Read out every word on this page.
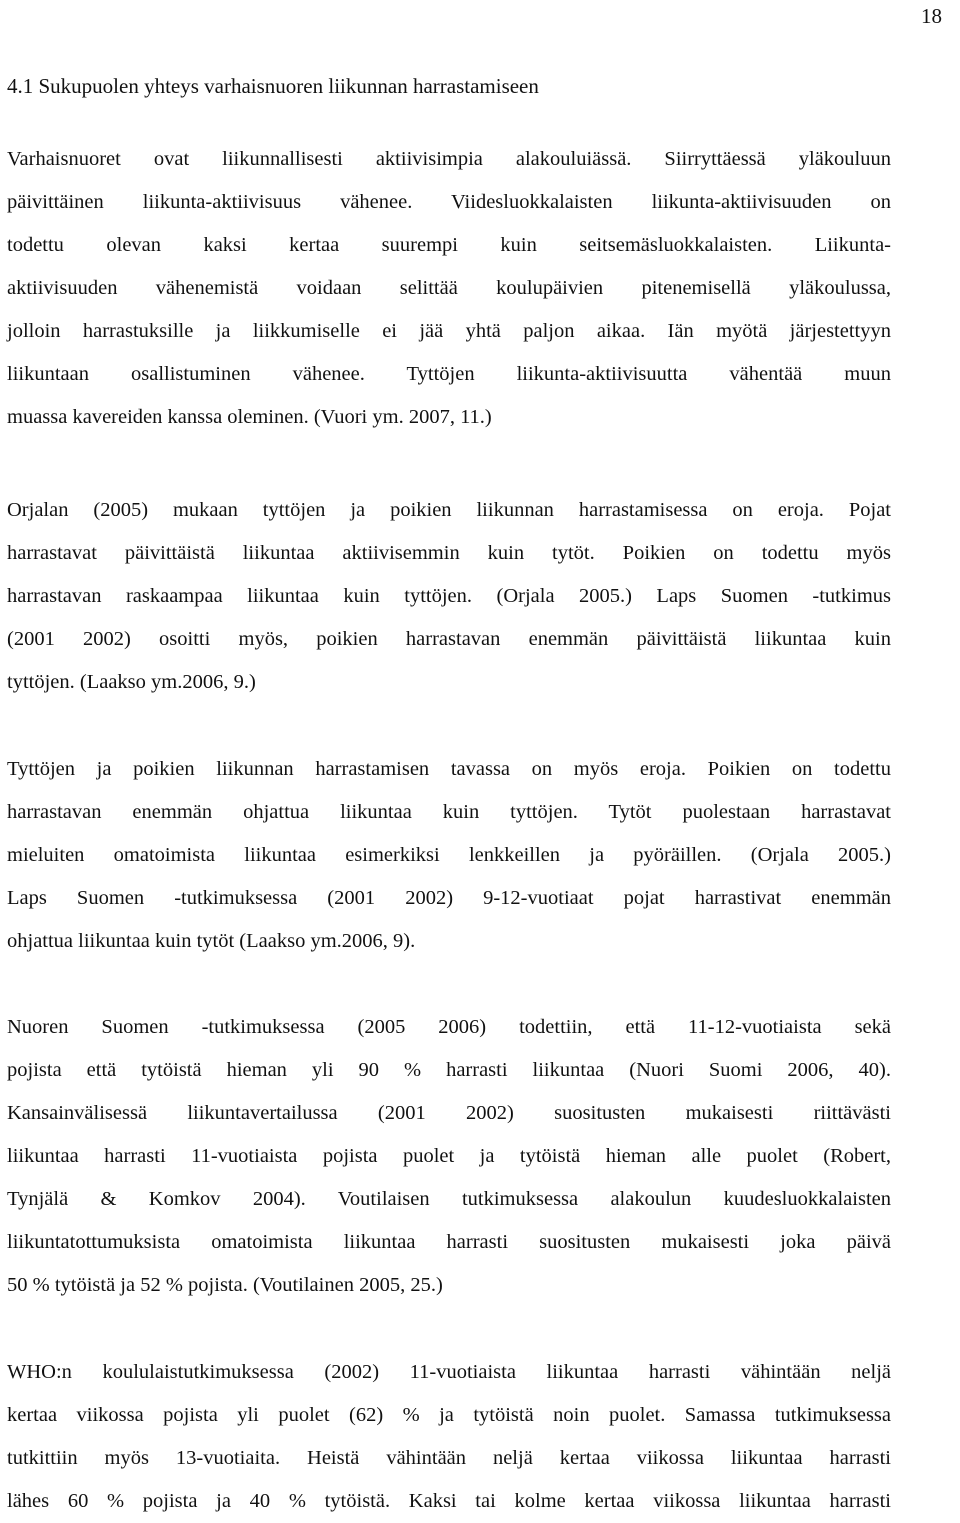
18
4.1 Sukupuolen yhteys varhaisnuoren liikunnan harrastamiseen

Varhaisnuoret ovat liikunnallisesti aktiivisimpia alakouluiässä. Siirryttäessä yläkouluun
päivittäinen liikunta-aktiivisuus vähenee. Viidesluokkalaisten liikunta-aktiivisuuden on
todettu olevan kaksi kertaa suurempi kuin seitsemäsluokkalaisten. Liikunta-
aktiivisuuden vähenemistä voidaan selittää koulupäivien pitenemisellä yläkoulussa,
jolloin harrastuksille ja liikkumiselle ei jää yhtä paljon aikaa. Iän myötä järjestettyyn
liikuntaan osallistuminen vähenee. Tyttöjen liikunta-aktiivisuutta vähentää muun
muassa kavereiden kanssa oleminen. (Vuori ym. 2007, 11.)

Orjalan (2005) mukaan tyttöjen ja poikien liikunnan harrastamisessa on eroja. Pojat
harrastavat päivittäistä liikuntaa aktiivisemmin kuin tytöt. Poikien on todettu myös
harrastavan raskaampaa liikuntaa kuin tyttöjen. (Orjala 2005.) Laps Suomen -tutkimus
(2001 2002) osoitti myös, poikien harrastavan enemmän päivittäistä liikuntaa kuin
tyttöjen. (Laakso ym.2006, 9.)

Tyttöjen ja poikien liikunnan harrastamisen tavassa on myös eroja. Poikien on todettu
harrastavan enemmän ohjattua liikuntaa kuin tyttöjen. Tytöt puolestaan harrastavat
mieluiten omatoimista liikuntaa esimerkiksi lenkkeillen ja pyöräillen. (Orjala 2005.)
Laps Suomen -tutkimuksessa (2001 2002) 9-12-vuotiaat pojat harrastivat enemmän
ohjattua liikuntaa kuin tytöt (Laakso ym.2006, 9).

Nuoren Suomen -tutkimuksessa (2005 2006) todettiin, että 11-12-vuotiaista sekä
pojista että tytöistä hieman yli 90 % harrasti liikuntaa (Nuori Suomi 2006, 40).
Kansainvälisessä liikuntavertailussa (2001 2002) suositusten mukaisesti riittävästi
liikuntaa harrasti 11-vuotiaista pojista puolet ja tytöistä hieman alle puolet (Robert,
Tynjälä & Komkov 2004). Voutilaisen tutkimuksessa alakoulun kuudesluokkalaisten
liikuntatottumuksista omatoimista liikuntaa harrasti suositusten mukaisesti joka päivä
50 % tytöistä ja 52 % pojista. (Voutilainen 2005, 25.)

WHO:n koululaistutkimuksessa (2002) 11-vuotiaista liikuntaa harrasti vähintään neljä
kertaa viikossa pojista yli puolet (62) % ja tytöistä noin puolet. Samassa tutkimuksessa
tutkittiin myös 13-vuotiaita. Heistä vähintään neljä kertaa viikossa liikuntaa harrasti
lähes 60 % pojista ja 40 % tytöistä. Kaksi tai kolme kertaa viikossa liikuntaa harrasti
